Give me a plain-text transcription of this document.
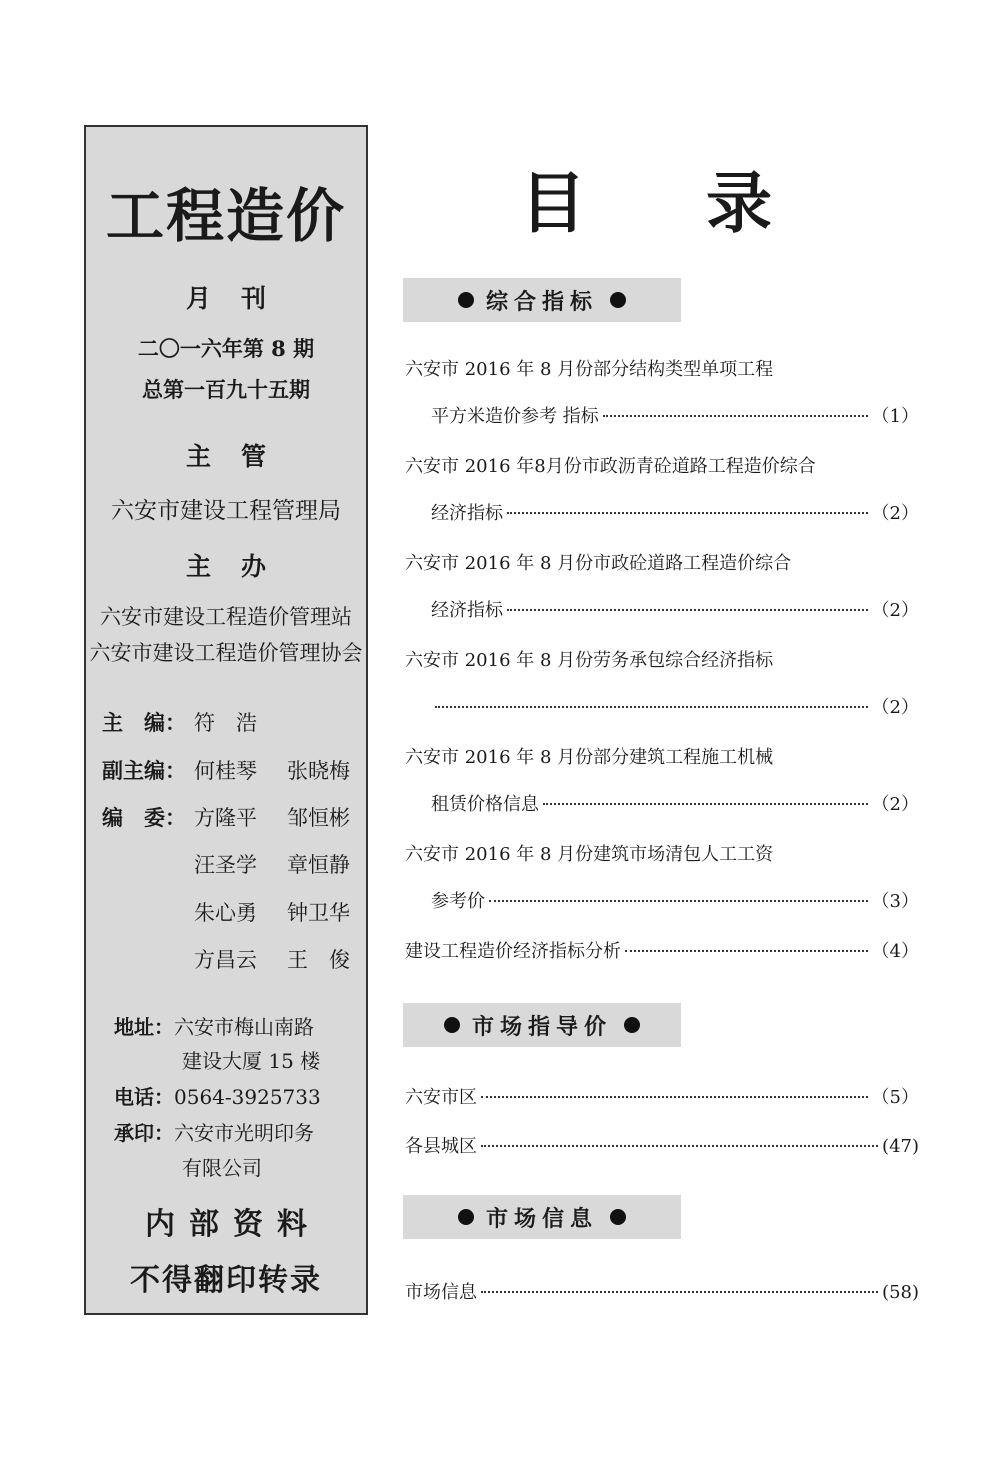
工程造价
月刊
二〇一六年第 8 期
总第一百九十五期
主管
六安市建设工程管理局
主办
六安市建设工程造价管理站
六安市建设工程造价管理协会
主　编： 符　浩
副主编： 何桂琴 张晓梅
编　委： 方隆平 邹恒彬
汪圣学 章恒静
朱心勇 钟卫华
方昌云 王　俊
地址：六安市梅山南路
建设大厦 15 楼
电话：0564-3925733
承印：六安市光明印务
有限公司
内部资料
不得翻印转录
目录
综合指标
六安市 2016 年 8 月份部分结构类型单项工程
平方米造价参考 指标	（1）
六安市 2016 年8月份市政沥青砼道路工程造价综合
经济指标	（2）
六安市 2016 年 8 月份市政砼道路工程造价综合
经济指标	（2）
六安市 2016 年 8 月份劳务承包综合经济指标
（2）
六安市 2016 年 8 月份部分建筑工程施工机械
租赁价格信息	（2）
六安市 2016 年 8 月份建筑市场清包人工工资
参考价	（3）
建设工程造价经济指标分析	（4）
市场指导价
六安市区	（5）
各县城区	(47)
市场信息
市场信息	(58)
